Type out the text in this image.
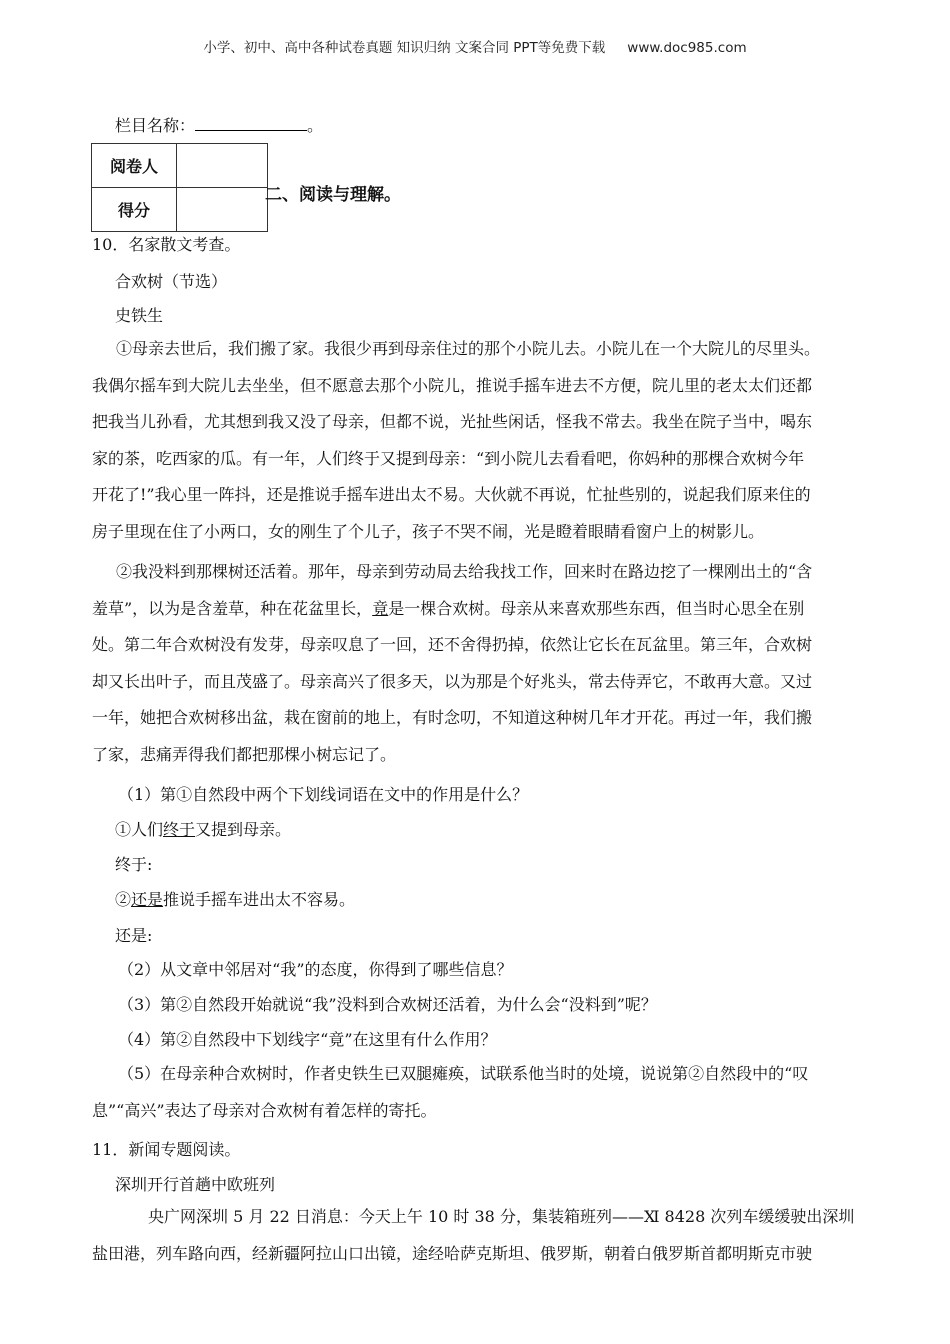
小学、初中、高中各种试卷真题 知识归纳 文案合同 PPT等免费下载 www.doc985.com
栏目名称：	。
阅卷人	
得分	
二、阅读与理解。
10．名家散文考查。
合欢树（节选）
史铁生
①母亲去世后，我们搬了家。我很少再到母亲住过的那个小院儿去。小院儿在一个大院儿的尽里头。
我偶尔摇车到大院儿去坐坐，但不愿意去那个小院儿，推说手摇车进去不方便，院儿里的老太太们还都
把我当儿孙看，尤其想到我又没了母亲，但都不说，光扯些闲话，怪我不常去。我坐在院子当中，喝东
家的茶，吃西家的瓜。有一年，人们终于又提到母亲：“到小院儿去看看吧，你妈种的那棵合欢树今年
开花了!”我心里一阵抖，还是推说手摇车进出太不易。大伙就不再说，忙扯些别的，说起我们原来住的
房子里现在住了小两口，女的刚生了个儿子，孩子不哭不闹，光是瞪着眼睛看窗户上的树影儿。
②我没料到那棵树还活着。那年，母亲到劳动局去给我找工作，回来时在路边挖了一棵刚出土的“含
羞草”，以为是含羞草，种在花盆里长，竟是一棵合欢树。母亲从来喜欢那些东西，但当时心思全在别
处。第二年合欢树没有发芽，母亲叹息了一回，还不舍得扔掉，依然让它长在瓦盆里。第三年，合欢树
却又长出叶子，而且茂盛了。母亲高兴了很多天，以为那是个好兆头，常去侍弄它，不敢再大意。又过
一年，她把合欢树移出盆，栽在窗前的地上，有时念叨，不知道这种树几年才开花。再过一年，我们搬
了家，悲痛弄得我们都把那棵小树忘记了。
（1）第①自然段中两个下划线词语在文中的作用是什么？
①人们终于又提到母亲。
终于:
②还是推说手摇车进出太不容易。
还是:
（2）从文章中邻居对“我”的态度，你得到了哪些信息？
（3）第②自然段开始就说“我”没料到合欢树还活着，为什么会“没料到”呢？
（4）第②自然段中下划线字“竟”在这里有什么作用？
（5）在母亲种合欢树时，作者史铁生已双腿瘫痪，试联系他当时的处境，说说第②自然段中的“叹
息”“高兴”表达了母亲对合欢树有着怎样的寄托。
11．新闻专题阅读。
深圳开行首趟中欧班列
央广网深圳 5 月 22 日消息：今天上午 10 时 38 分，集装箱班列——Ⅺ 8428 次列车缓缓驶出深圳
盐田港，列车路向西，经新疆阿拉山口出镜，途经哈萨克斯坦、俄罗斯，朝着白俄罗斯首都明斯克市驶
